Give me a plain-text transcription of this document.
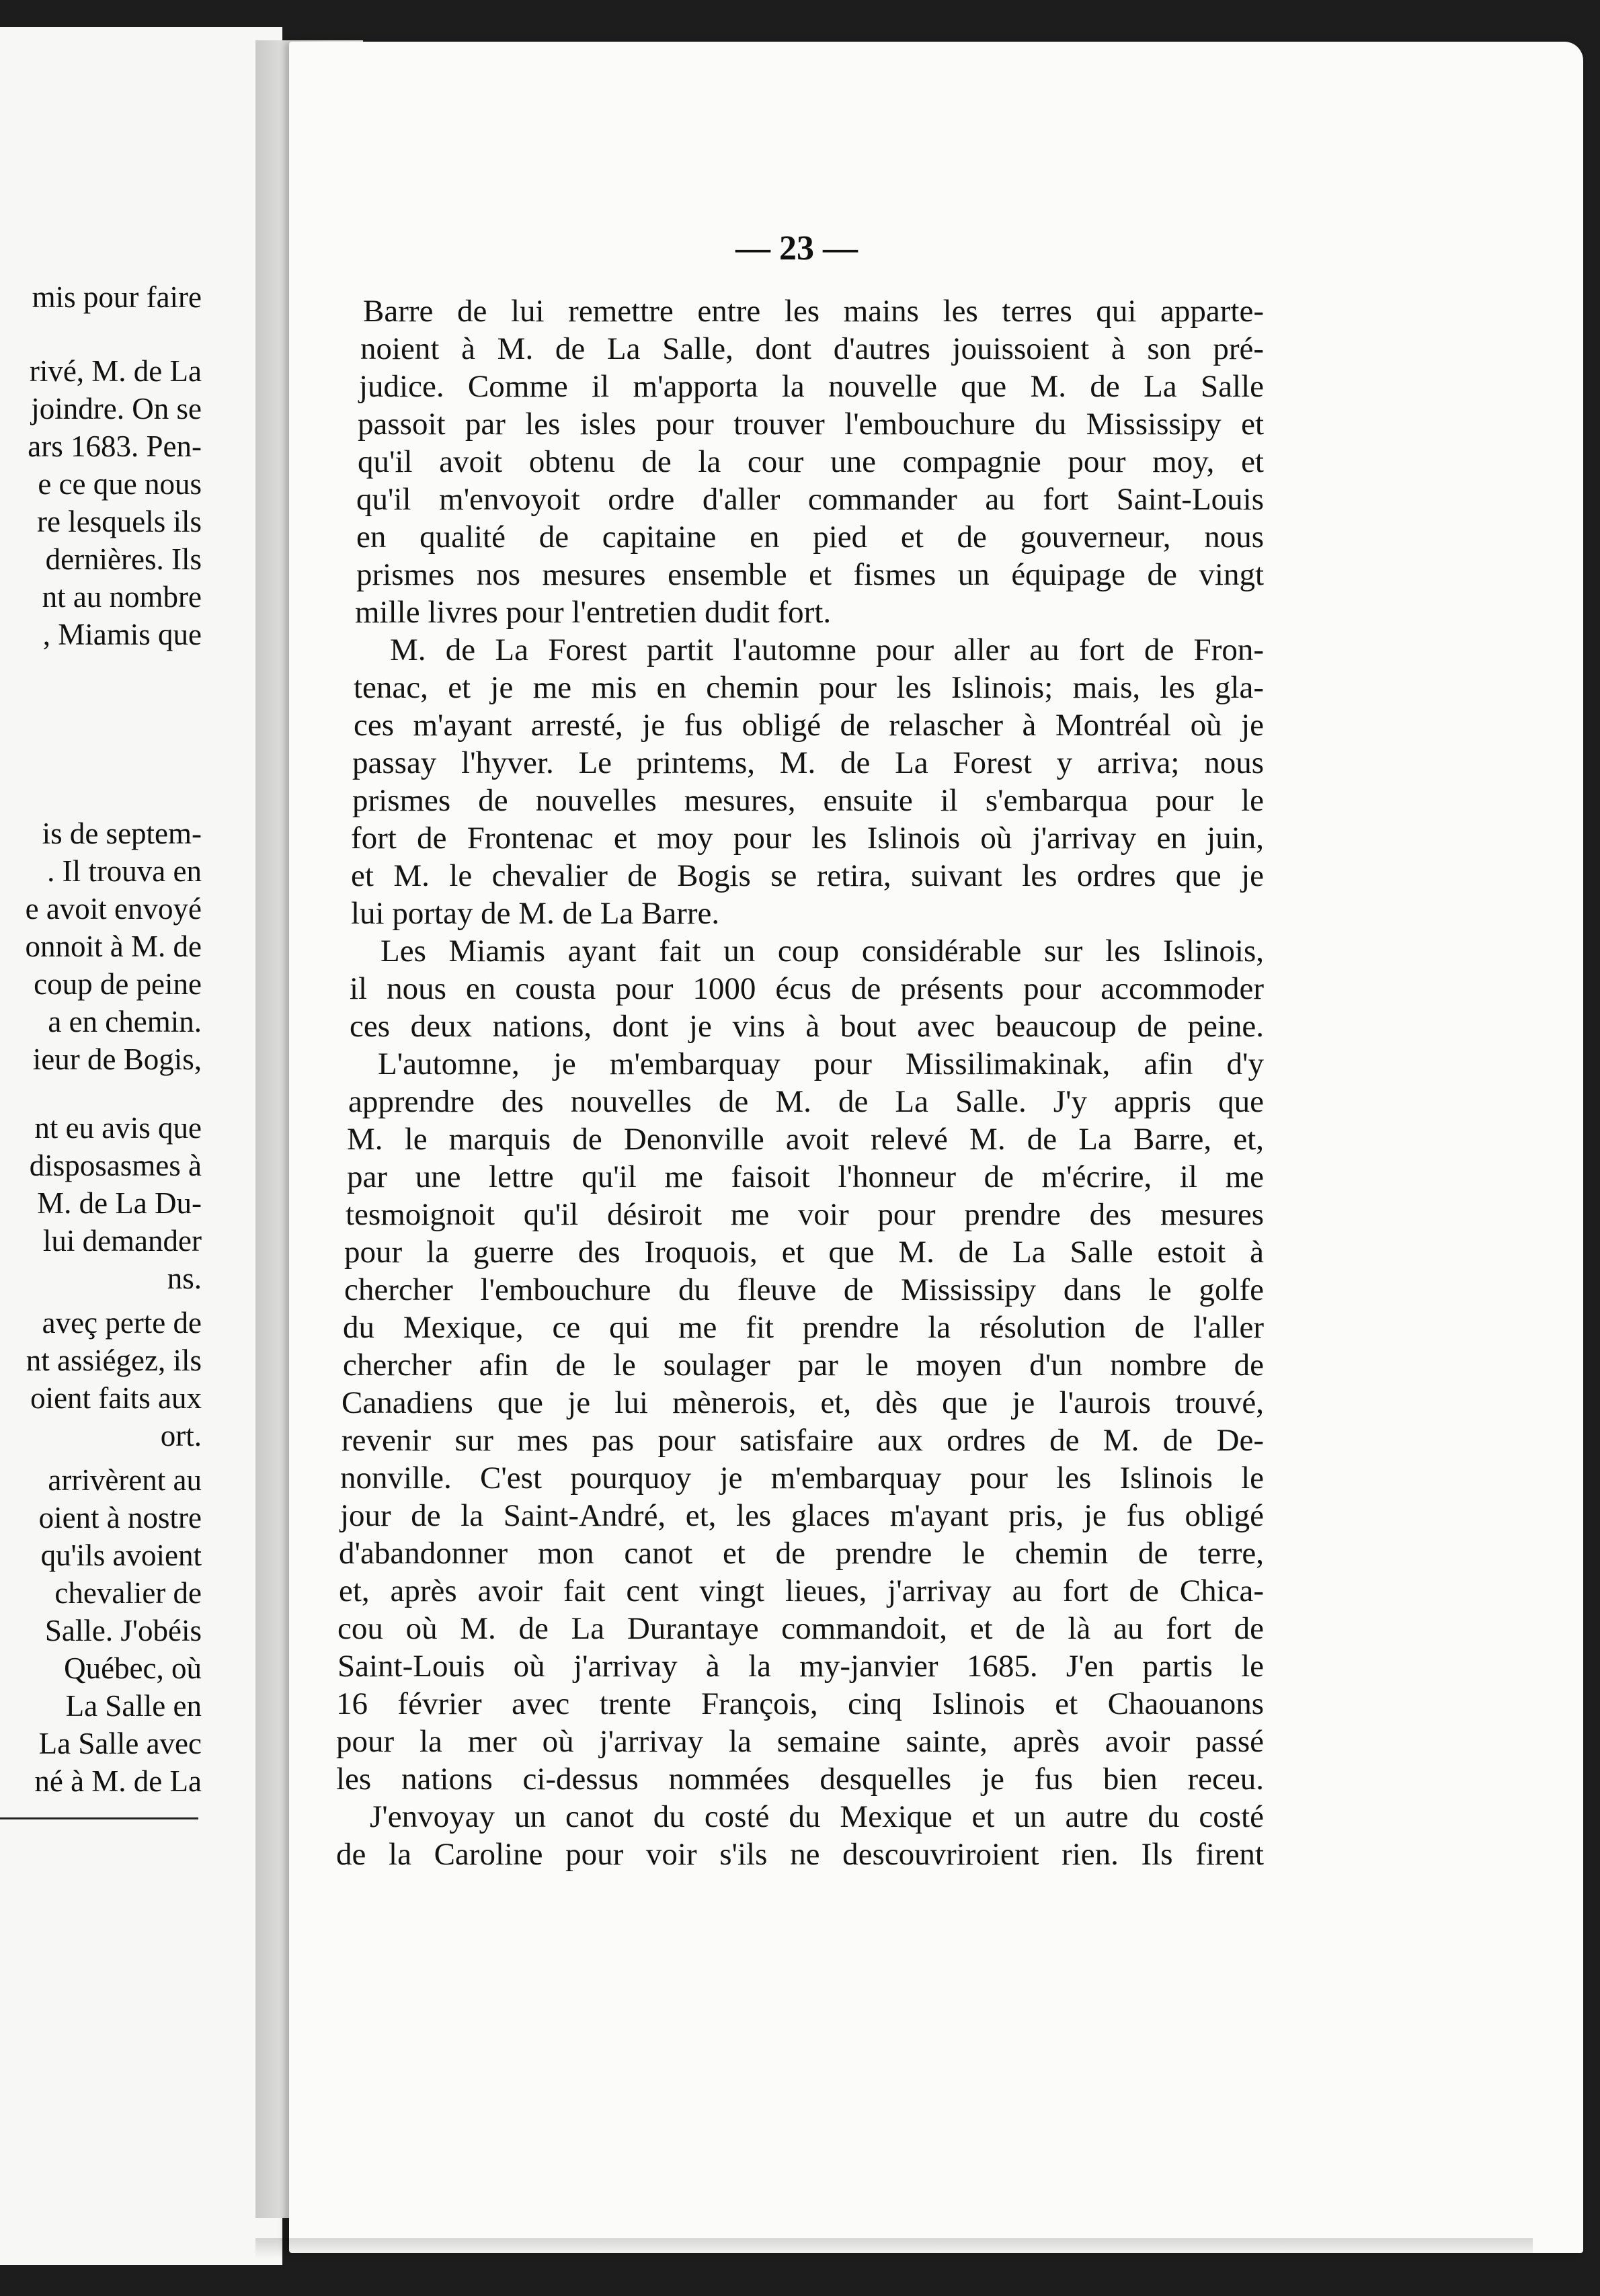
mis pour faire
rivé, M. de La
joindre. On se
ars 1683. Pen-
e ce que nous
re lesquels ils
dernières. Ils
nt au nombre
, Miamis que
is de septem-
. Il trouva en
e avoit envoyé
onnoit à M. de
coup de peine
a en chemin.
ieur de Bogis,
nt eu avis que
disposasmes à
M. de La Du-
lui demander
ns.
aveç perte de
nt assiégez, ils
oient faits aux
ort.
arrivèrent au
oient à nostre
qu'ils avoient
chevalier de
Salle. J'obéis
Québec, où
La Salle en
La Salle avec
né à M. de La
— 23 —
Barre de lui remettre entre les mains les terres qui apparte-
noient à M. de La Salle, dont d'autres jouissoient à son pré-
judice. Comme il m'apporta la nouvelle que M. de La Salle
passoit par les isles pour trouver l'embouchure du Mississipy et
qu'il avoit obtenu de la cour une compagnie pour moy, et
qu'il m'envoyoit ordre d'aller commander au fort Saint-Louis
en qualité de capitaine en pied et de gouverneur, nous
prismes nos mesures ensemble et fismes un équipage de vingt
mille livres pour l'entretien dudit fort.
M. de La Forest partit l'automne pour aller au fort de Fron-
tenac, et je me mis en chemin pour les Islinois; mais, les gla-
ces m'ayant arresté, je fus obligé de relascher à Montréal où je
passay l'hyver. Le printems, M. de La Forest y arriva; nous
prismes de nouvelles mesures, ensuite il s'embarqua pour le
fort de Frontenac et moy pour les Islinois où j'arrivay en juin,
et M. le chevalier de Bogis se retira, suivant les ordres que je
lui portay de M. de La Barre.
Les Miamis ayant fait un coup considérable sur les Islinois,
il nous en cousta pour 1000 écus de présents pour accommoder
ces deux nations, dont je vins à bout avec beaucoup de peine.
L'automne, je m'embarquay pour Missilimakinak, afin d'y
apprendre des nouvelles de M. de La Salle. J'y appris que
M. le marquis de Denonville avoit relevé M. de La Barre, et,
par une lettre qu'il me faisoit l'honneur de m'écrire, il me
tesmoignoit qu'il désiroit me voir pour prendre des mesures
pour la guerre des Iroquois, et que M. de La Salle estoit à
chercher l'embouchure du fleuve de Mississipy dans le golfe
du Mexique, ce qui me fit prendre la résolution de l'aller
chercher afin de le soulager par le moyen d'un nombre de
Canadiens que je lui mènerois, et, dès que je l'aurois trouvé,
revenir sur mes pas pour satisfaire aux ordres de M. de De-
nonville. C'est pourquoy je m'embarquay pour les Islinois le
jour de la Saint-André, et, les glaces m'ayant pris, je fus obligé
d'abandonner mon canot et de prendre le chemin de terre,
et, après avoir fait cent vingt lieues, j'arrivay au fort de Chica-
cou où M. de La Durantaye commandoit, et de là au fort de
Saint-Louis où j'arrivay à la my-janvier 1685. J'en partis le
16 février avec trente François, cinq Islinois et Chaouanons
pour la mer où j'arrivay la semaine sainte, après avoir passé
les nations ci-dessus nommées desquelles je fus bien receu.
J'envoyay un canot du costé du Mexique et un autre du costé
de la Caroline pour voir s'ils ne descouvriroient rien. Ils firent
